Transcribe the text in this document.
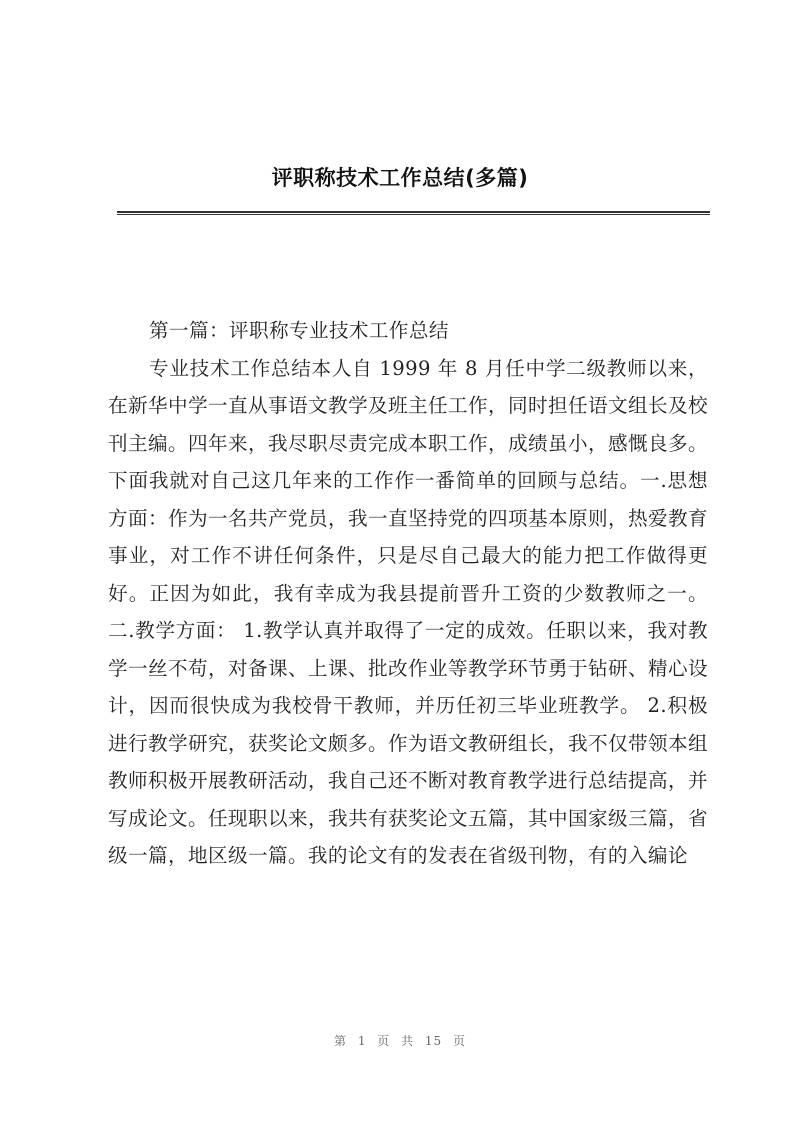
评职称技术工作总结(多篇)

第一篇：评职称专业技术工作总结

专业技术工作总结本人自 1999 年 8 月任中学二级教师以来，在新华中学一直从事语文教学及班主任工作，同时担任语文组长及校刊主编。四年来，我尽职尽责完成本职工作，成绩虽小，感慨良多。下面我就对自己这几年来的工作作一番简单的回顾与总结。一.思想方面：作为一名共产党员，我一直坚持党的四项基本原则，热爱教育事业，对工作不讲任何条件，只是尽自己最大的能力把工作做得更好。正因为如此，我有幸成为我县提前晋升工资的少数教师之一。 二.教学方面： 1.教学认真并取得了一定的成效。任职以来，我对教学一丝不苟，对备课、上课、批改作业等教学环节勇于钻研、精心设计，因而很快成为我校骨干教师，并历任初三毕业班教学。 2.积极进行教学研究，获奖论文颇多。作为语文教研组长，我不仅带领本组教师积极开展教研活动，我自己还不断对教育教学进行总结提高，并写成论文。任现职以来，我共有获奖论文五篇，其中国家级三篇，省级一篇，地区级一篇。我的论文有的发表在省级刊物，有的入编论

第 1 页 共 15 页
